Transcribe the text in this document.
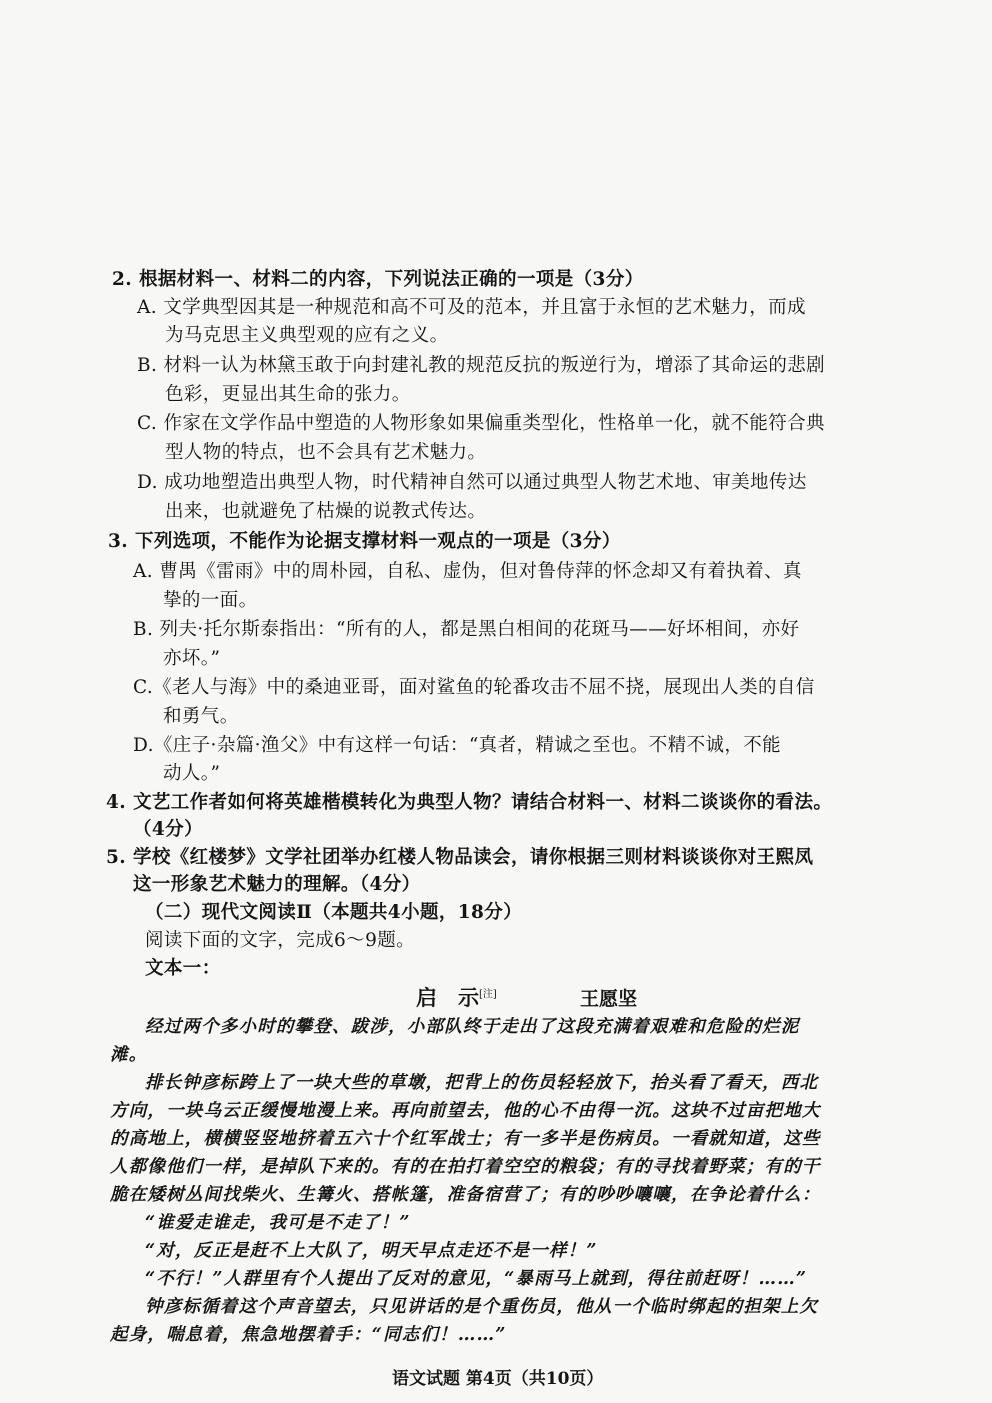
2. 根据材料一、材料二的内容，下列说法正确的一项是（3分）
A. 文学典型因其是一种规范和高不可及的范本，并且富于永恒的艺术魅力，而成
为马克思主义典型观的应有之义。
B. 材料一认为林黛玉敢于向封建礼教的规范反抗的叛逆行为，增添了其命运的悲剧
色彩，更显出其生命的张力。
C. 作家在文学作品中塑造的人物形象如果偏重类型化，性格单一化，就不能符合典
型人物的特点，也不会具有艺术魅力。
D. 成功地塑造出典型人物，时代精神自然可以通过典型人物艺术地、审美地传达
出来，也就避免了枯燥的说教式传达。
3. 下列选项，不能作为论据支撑材料一观点的一项是（3分）
A. 曹禺《雷雨》中的周朴园，自私、虚伪，但对鲁侍萍的怀念却又有着执着、真
挚的一面。
B. 列夫·托尔斯泰指出：“所有的人，都是黑白相间的花斑马——好坏相间，亦好
亦坏。”
C.《老人与海》中的桑迪亚哥，面对鲨鱼的轮番攻击不屈不挠，展现出人类的自信
和勇气。
D.《庄子·杂篇·渔父》中有这样一句话：“真者，精诚之至也。不精不诚，不能
动人。”
4. 文艺工作者如何将英雄楷模转化为典型人物？请结合材料一、材料二谈谈你的看法。
（4分）
5. 学校《红楼梦》文学社团举办红楼人物品读会，请你根据三则材料谈谈你对王熙凤
这一形象艺术魅力的理解。（4分）
（二）现代文阅读Ⅱ（本题共4小题，18分）
阅读下面的文字，完成6～9题。
文本一：
启　示[注]	王愿坚
经过两个多小时的攀登、跋涉，小部队终于走出了这段充满着艰难和危险的烂泥
滩。
排长钟彦标跨上了一块大些的草墩，把背上的伤员轻轻放下，抬头看了看天，西北
方向，一块乌云正缓慢地漫上来。再向前望去，他的心不由得一沉。这块不过亩把地大
的高地上，横横竖竖地挤着五六十个红军战士；有一多半是伤病员。一看就知道，这些
人都像他们一样，是掉队下来的。有的在拍打着空空的粮袋；有的寻找着野菜；有的干
脆在矮树丛间找柴火、生篝火、搭帐篷，准备宿营了；有的吵吵嚷嚷，在争论着什么：
“谁爱走谁走，我可是不走了！”
“对，反正是赶不上大队了，明天早点走还不是一样！”
“不行！”人群里有个人提出了反对的意见，“暴雨马上就到，得往前赶呀！……”
钟彦标循着这个声音望去，只见讲话的是个重伤员，他从一个临时绑起的担架上欠
起身，喘息着，焦急地摆着手：“同志们！……”
语文试题 第4页（共10页）
